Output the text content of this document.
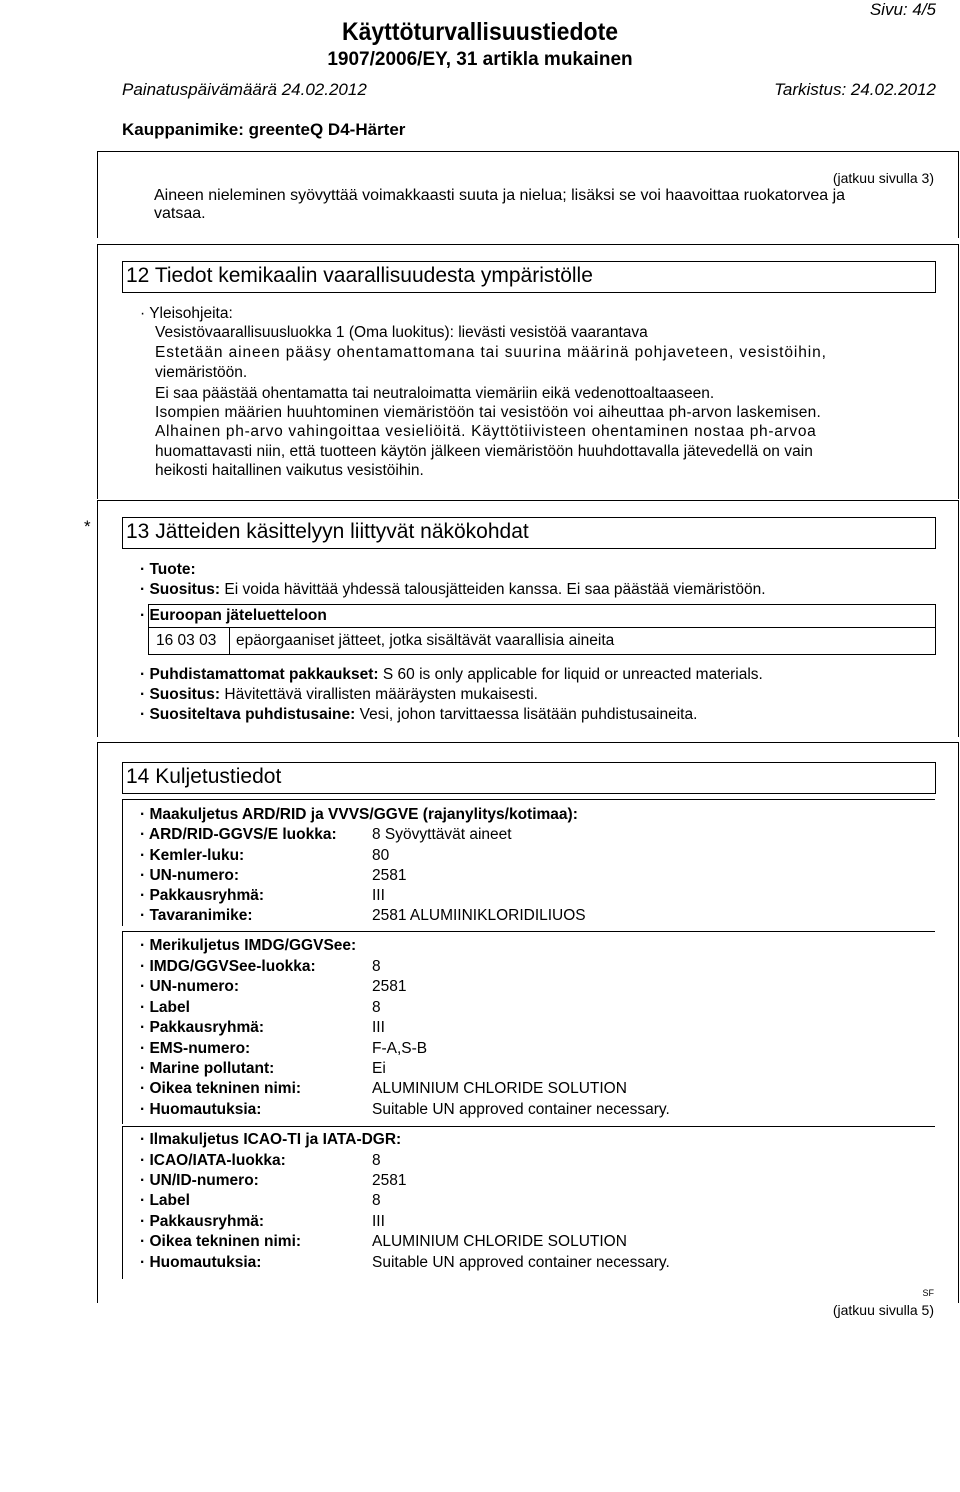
Sivu: 4/5
Käyttöturvallisuustiedote
1907/2006/EY, 31 artikla mukainen
Painatuspäivämäärä 24.02.2012	Tarkistus: 24.02.2012
Kauppanimike: greenteQ D4-Härter
(jatkuu sivulla 3)
Aineen nieleminen syövyttää voimakkaasti suuta ja nielua; lisäksi se voi haavoittaa ruokatorvea ja
vatsaa.
12 Tiedot kemikaalin vaarallisuudesta ympäristölle
· Yleisohjeita:
Vesistövaarallisuusluokka 1 (Oma luokitus): lievästi vesistöä vaarantava
Estetään aineen pääsy ohentamattomana tai suurina määrinä pohjaveteen, vesistöihin,
viemäristöön.
Ei saa päästää ohentamatta tai neutraloimatta viemäriin eikä vedenottoaltaaseen.
Isompien määrien huuhtominen viemäristöön tai vesistöön voi aiheuttaa ph-arvon laskemisen.
Alhainen ph-arvo vahingoittaa vesieliöitä. Käyttötiivisteen ohentaminen nostaa ph-arvoa
huomattavasti niin, että tuotteen käytön jälkeen viemäristöön huuhdottavalla jätevedellä on vain
heikosti haitallinen vaikutus vesistöihin.
* 13 Jätteiden käsittelyyn liittyvät näkökohdat
· Tuote:
· Suositus: Ei voida hävittää yhdessä talousjätteiden kanssa. Ei saa päästää viemäristöön.
· Euroopan jäteluetteloon
16 03 03 epäorgaaniset jätteet, jotka sisältävät vaarallisia aineita
· Puhdistamattomat pakkaukset: S 60 is only applicable for liquid or unreacted materials.
· Suositus: Hävitettävä virallisten määräysten mukaisesti.
· Suositeltava puhdistusaine: Vesi, johon tarvittaessa lisätään puhdistusaineita.
14 Kuljetustiedot
· Maakuljetus ARD/RID ja VVVS/GGVE (rajanylitys/kotimaa):
· ARD/RID-GGVS/E luokka: 8 Syövyttävät aineet
· Kemler-luku:	80
· UN-numero:	2581
· Pakkausryhmä:	III
· Tavaranimike:	2581 ALUMIINIKLORIDILIUOS
· Merikuljetus IMDG/GGVSee:
· IMDG/GGVSee-luokka:	8
· UN-numero:	2581
· Label	8
· Pakkausryhmä:	III
· EMS-numero:	F-A,S-B
· Marine pollutant:	Ei
· Oikea tekninen nimi:	ALUMINIUM CHLORIDE SOLUTION
· Huomautuksia:	Suitable UN approved container necessary.
· Ilmakuljetus ICAO-TI ja IATA-DGR:
· ICAO/IATA-luokka:	8
· UN/ID-numero:	2581
· Label	8
· Pakkausryhmä:	III
· Oikea tekninen nimi:	ALUMINIUM CHLORIDE SOLUTION
· Huomautuksia:	Suitable UN approved container necessary.
SF
(jatkuu sivulla 5)
